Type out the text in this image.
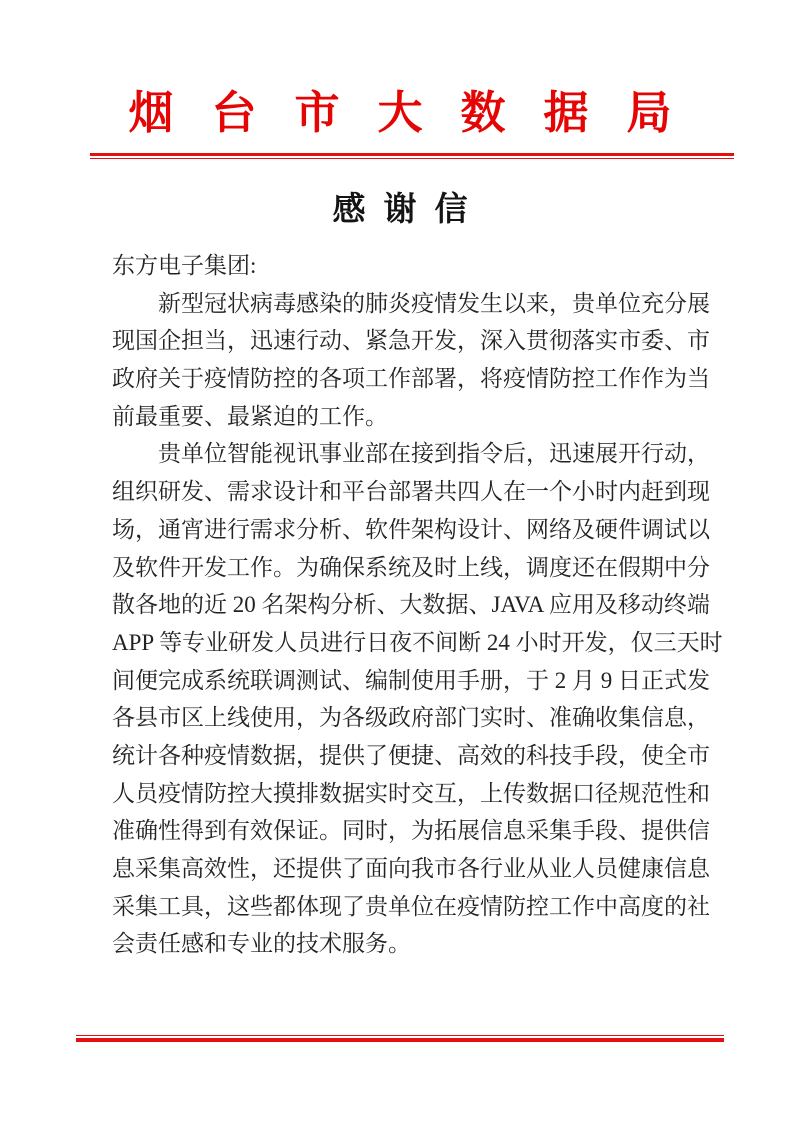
烟台市大数据局
感谢信
东方电子集团:
新型冠状病毒感染的肺炎疫情发生以来，贵单位充分展
现国企担当，迅速行动、紧急开发，深入贯彻落实市委、市
政府关于疫情防控的各项工作部署，将疫情防控工作作为当
前最重要、最紧迫的工作。
贵单位智能视讯事业部在接到指令后，迅速展开行动，
组织研发、需求设计和平台部署共四人在一个小时内赶到现
场，通宵进行需求分析、软件架构设计、网络及硬件调试以
及软件开发工作。为确保系统及时上线，调度还在假期中分
散各地的近 20 名架构分析、大数据、JAVA 应用及移动终端
APP 等专业研发人员进行日夜不间断 24 小时开发，仅三天时
间便完成系统联调测试、编制使用手册，于 2 月 9 日正式发
各县市区上线使用，为各级政府部门实时、准确收集信息，
统计各种疫情数据，提供了便捷、高效的科技手段，使全市
人员疫情防控大摸排数据实时交互，上传数据口径规范性和
准确性得到有效保证。同时，为拓展信息采集手段、提供信
息采集高效性，还提供了面向我市各行业从业人员健康信息
采集工具，这些都体现了贵单位在疫情防控工作中高度的社
会责任感和专业的技术服务。
